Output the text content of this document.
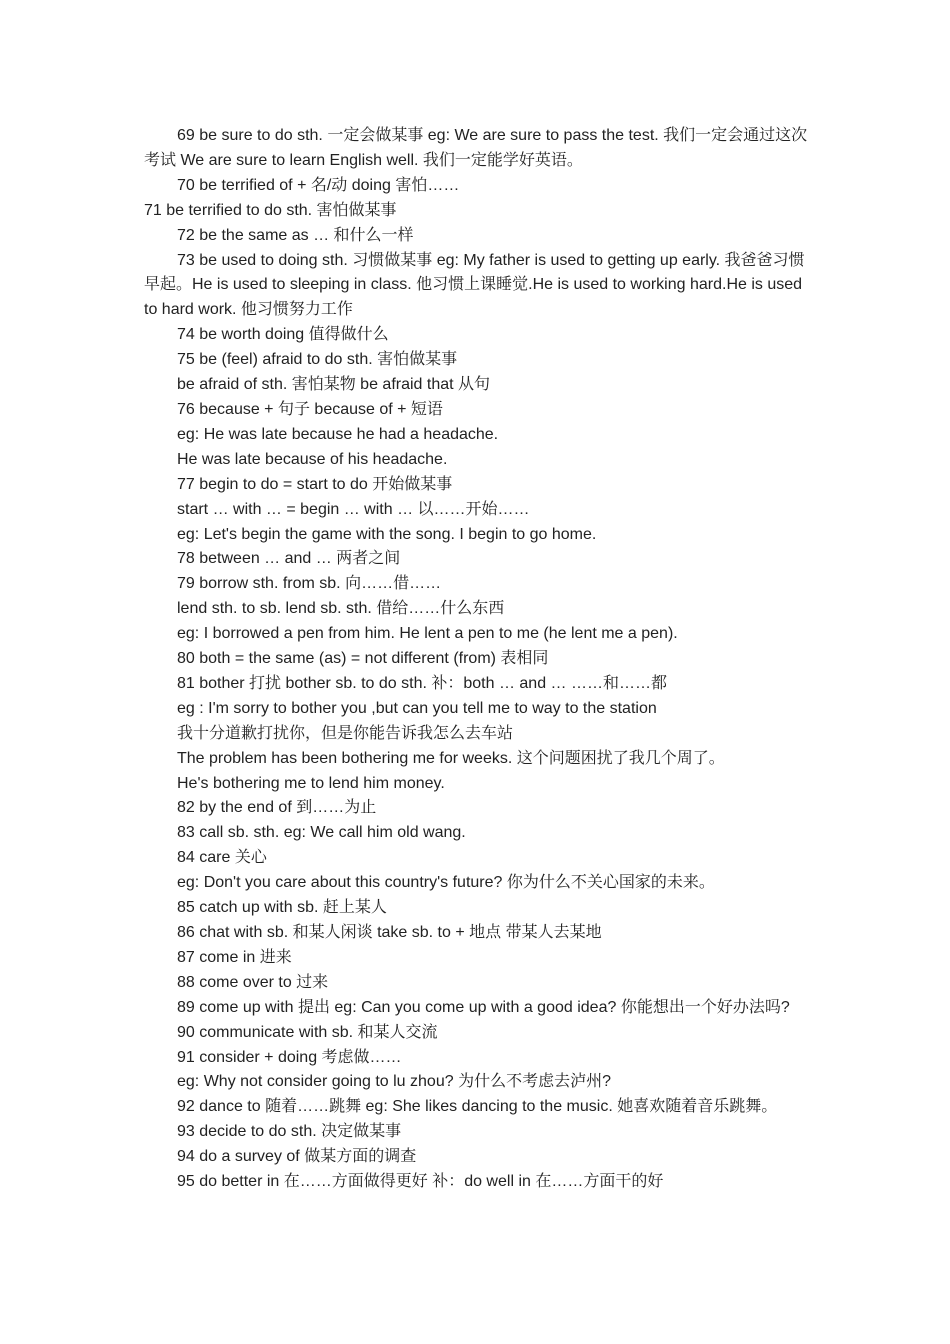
69 be sure to do sth. 一定会做某事 eg: We are sure to pass the test. 我们一定会通过这次考试 We are sure to learn English well. 我们一定能学好英语。

70 be terrified of + 名/动 doing 害怕……

71 be terrified to do sth. 害怕做某事

72 be the same as … 和什么一样

73 be used to doing sth. 习惯做某事 eg: My father is used to getting up early. 我爸爸习惯早起。He is used to sleeping in class. 他习惯上课睡觉.He is used to working hard.He is used to hard work. 他习惯努力工作

74 be worth doing 值得做什么

75 be (feel) afraid to do sth. 害怕做某事

be afraid of sth. 害怕某物 be afraid that 从句

76 because + 句子 because of + 短语

eg: He was late because he had a headache.

He was late because of his headache.

77 begin to do = start to do 开始做某事

start … with … = begin … with … 以……开始……

eg: Let's begin the game with the song. I begin to go home.

78 between … and … 两者之间

79 borrow sth. from sb. 向……借……

lend sth. to sb. lend sb. sth. 借给……什么东西

eg: I borrowed a pen from him. He lent a pen to me (he lent me a pen).

80 both = the same (as) = not different (from) 表相同

81 bother 打扰 bother sb. to do sth. 补：both … and … ……和……都

eg : I'm sorry to bother you ,but can you tell me to way to the station

我十分道歉打扰你，但是你能告诉我怎么去车站

The problem has been bothering me for weeks. 这个问题困扰了我几个周了。

He's bothering me to lend him money.

82 by the end of 到……为止

83 call sb. sth. eg: We call him old wang.

84 care 关心

eg: Don't you care about this country's future? 你为什么不关心国家的未来。

85 catch up with sb. 赶上某人

86 chat with sb. 和某人闲谈 take sb. to + 地点 带某人去某地

87 come in 进来

88 come over to 过来

89 come up with 提出 eg: Can you come up with a good idea? 你能想出一个好办法吗?

90 communicate with sb. 和某人交流

91 consider + doing 考虑做……

eg: Why not consider going to lu zhou? 为什么不考虑去泸州?

92 dance to 随着……跳舞 eg: She likes dancing to the music. 她喜欢随着音乐跳舞。

93 decide to do sth. 决定做某事

94 do a survey of 做某方面的调查

95 do better in 在……方面做得更好 补：do well in 在……方面干的好
